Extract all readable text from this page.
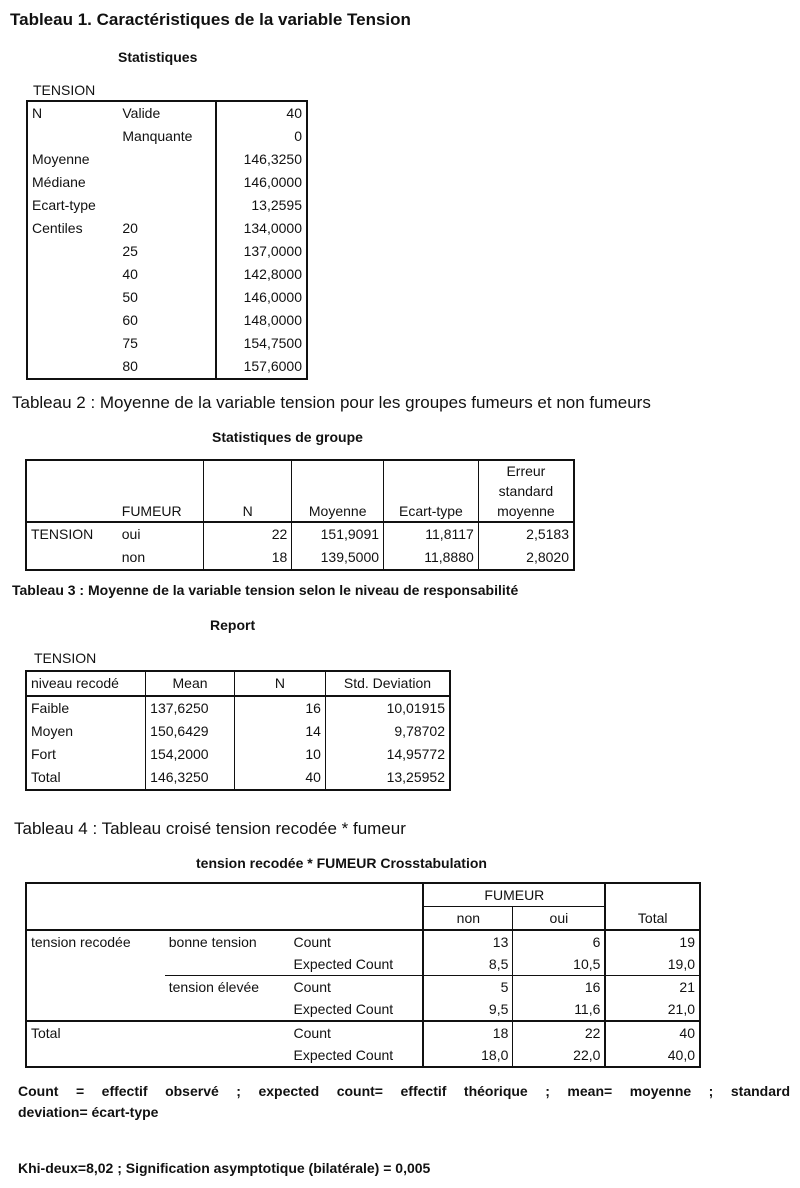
Tableau 1. Caractéristiques de la variable Tension
Statistiques
TENSION
N	Valide	40
	Manquante	0
Moyenne		146,3250
Médiane		146,0000
Ecart-type		13,2595
Centiles	20	134,0000
	25	137,0000
	40	142,8000
	50	146,0000
	60	148,0000
	75	154,7500
	80	157,6000
Tableau 2 : Moyenne de la variable tension pour les groupes fumeurs et non fumeurs
Statistiques de groupe
	FUMEUR	N	Moyenne	Ecart-type	Erreur
standard
moyenne

TENSION	oui	22	151,9091	11,8117	2,5183
	non	18	139,5000	11,8880	2,8020
Tableau 3 : Moyenne de la variable tension selon le niveau de responsabilité
Report
TENSION
niveau recodé	Mean	N	Std. Deviation
Faible	137,6250	16	10,01915
Moyen	150,6429	14	9,78702
Fort	154,2000	10	14,95772
Total	146,3250	40	13,25952
Tableau 4 : Tableau croisé tension recodée * fumeur
tension recodée * FUMEUR Crosstabulation
			FUMEUR		Total
			non	oui	
tension recodée	bonne tension	Count	13	6	19
		Expected Count	8,5	10,5	19,0
	tension élevée	Count	5	16	21
		Expected Count	9,5	11,6	21,0
Total		Count	18	22	40
		Expected Count	18,0	22,0	40,0
Count = effectif observé ; expected count= effectif théorique ; mean= moyenne ; standard
deviation= écart-type
Khi-deux=8,02 ; Signification asymptotique (bilatérale) = 0,005
